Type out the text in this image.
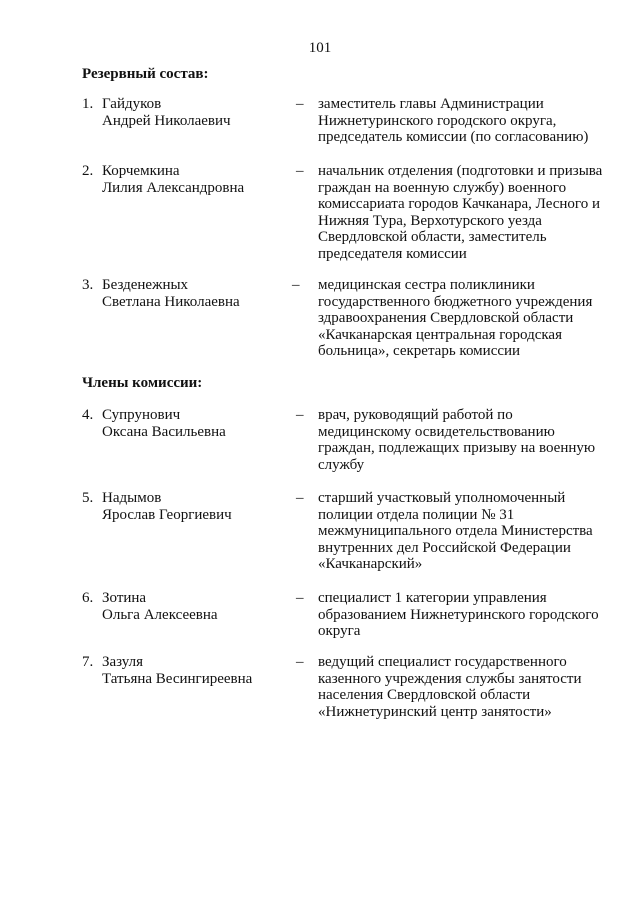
101
Резервный состав:
1. Гайдуков
Андрей Николаевич
– заместитель главы Администрации
Нижнетуринского городского округа,
председатель комиссии (по согласованию)
2. Корчемкина
Лилия Александровна
– начальник отделения (подготовки и призыва
граждан на военную службу) военного
комиссариата городов Качканара, Лесного и
Нижняя Тура, Верхотурского уезда
Свердловской области, заместитель
председателя комиссии
3. Безденежных
Светлана Николаевна
– медицинская сестра поликлиники
государственного бюджетного учреждения
здравоохранения Свердловской области
«Качканарская центральная городская
больница», секретарь комиссии
Члены комиссии:
4. Супрунович
Оксана Васильевна
– врач, руководящий работой по
медицинскому освидетельствованию
граждан, подлежащих призыву на военную
службу
5. Надымов
Ярослав Георгиевич
– старший участковый уполномоченный
полиции отдела полиции № 31
межмуниципального отдела Министерства
внутренних дел Российской Федерации
«Качканарский»
6. Зотина
Ольга Алексеевна
– специалист 1 категории управления
образованием Нижнетуринского городского
округа
7. Зазуля
Татьяна Весингиреевна
– ведущий специалист государственного
казенного учреждения службы занятости
населения Свердловской области
«Нижнетуринский центр занятости»
